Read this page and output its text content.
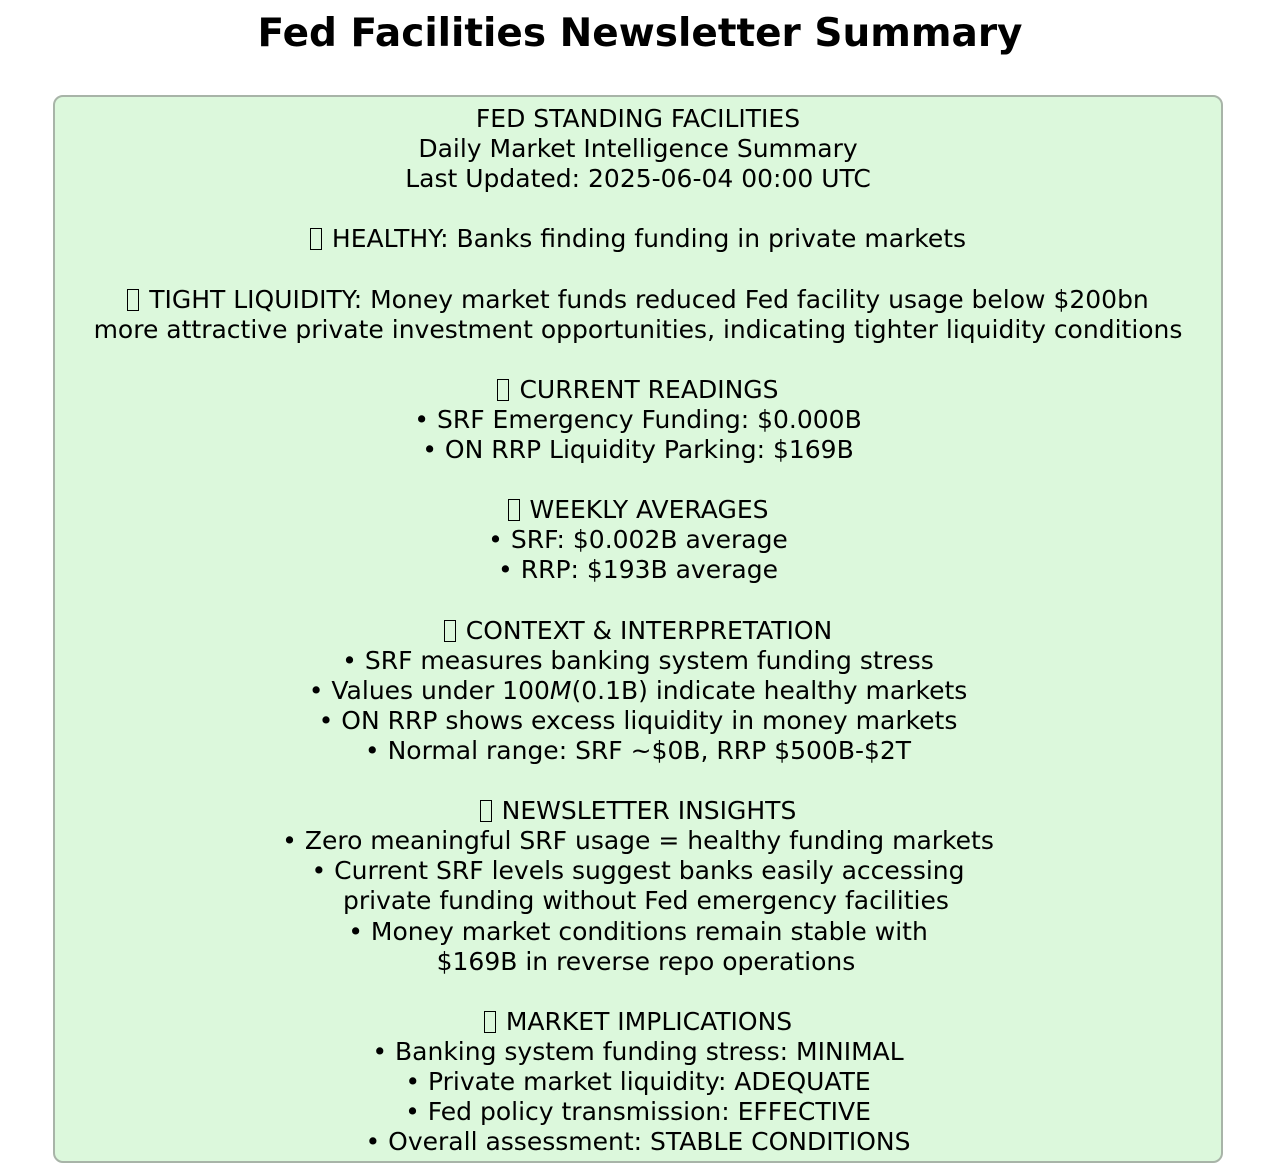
Fed Facilities Newsletter Summary
FED STANDING FACILITIES
Daily Market Intelligence Summary
Last Updated: 2025-06-04 00:00 UTC
HEALTHY: Banks finding funding in private markets
TIGHT LIQUIDITY: Money market funds reduced Fed facility usage below $200bn
more attractive private investment opportunities, indicating tighter liquidity conditions
CURRENT READINGS
• SRF Emergency Funding: $0.000B
• ON RRP Liquidity Parking: $169B
WEEKLY AVERAGES
• SRF: $0.002B average
• RRP: $193B average
CONTEXT & INTERPRETATION
• SRF measures banking system funding stress
• Values under 100M(0.1B) indicate healthy markets
• ON RRP shows excess liquidity in money markets
• Normal range: SRF ~$0B, RRP $500B-$2T
NEWSLETTER INSIGHTS
• Zero meaningful SRF usage = healthy funding markets
• Current SRF levels suggest banks easily accessing
private funding without Fed emergency facilities
• Money market conditions remain stable with
$169B in reverse repo operations
MARKET IMPLICATIONS
• Banking system funding stress: MINIMAL
• Private market liquidity: ADEQUATE
• Fed policy transmission: EFFECTIVE
• Overall assessment: STABLE CONDITIONS
